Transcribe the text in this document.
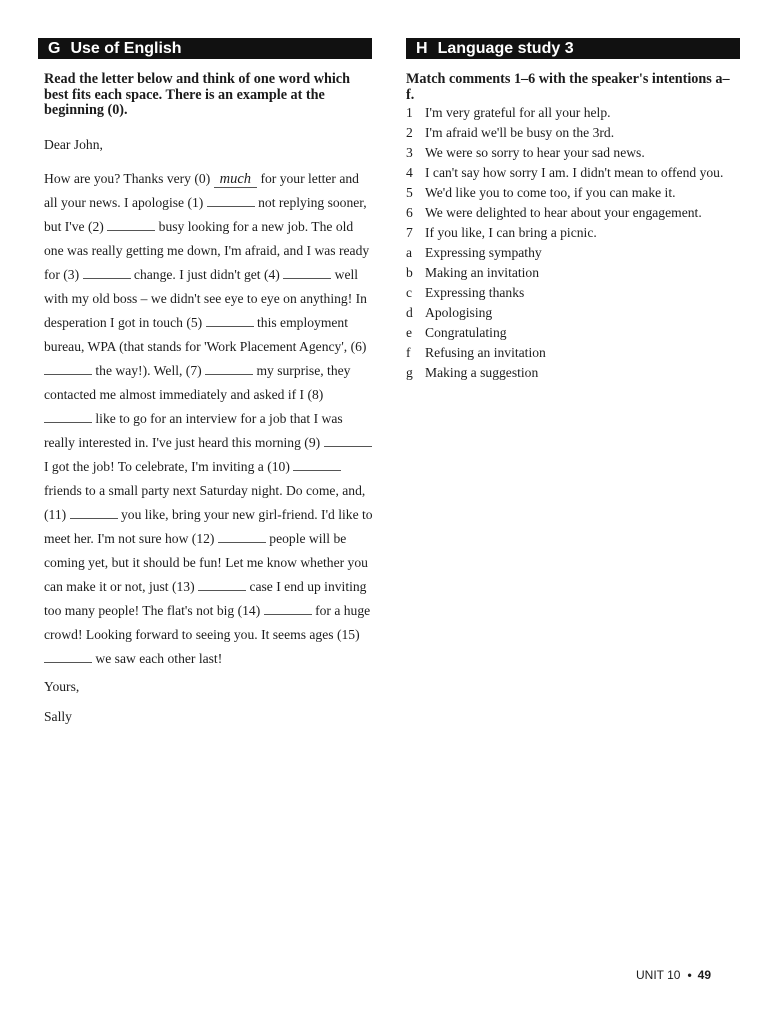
G Use of English
Read the letter below and think of one word which best fits each space. There is an example at the beginning (0).
Dear John,

How are you? Thanks very (0) much for your letter and all your news. I apologise (1)	not replying sooner, but I've (2)	busy looking for a new job. The old one was really getting me down, I'm afraid, and I was ready for (3)	change. I just didn't get (4)	well with my old boss – we didn't see eye to eye on anything! In desperation I got in touch (5)	this employment bureau, WPA (that stands for 'Work Placement Agency', (6)  the way!). Well, (7)	my surprise, they contacted me almost immediately and asked if I (8)  like to go for an interview for a job that I was really interested in. I've just heard this morning (9)  I got the job! To celebrate, I'm inviting a (10)  friends to a small party next Saturday night. Do come, and, (11)	you like, bring your new girl-friend. I'd like to meet her. I'm not sure how (12)	people will be coming yet, but it should be fun! Let me know whether you can make it or not, just (13)	case I end up inviting too many people! The flat's not big (14)	for a huge crowd! Looking forward to seeing you. It seems ages (15)  we saw each other last!

Yours,
Sally
H Language study 3
Match comments 1–6 with the speaker's intentions a–f.
1 I'm very grateful for all your help.
2 I'm afraid we'll be busy on the 3rd.
3 We were so sorry to hear your sad news.
4 I can't say how sorry I am. I didn't mean to offend you.
5 We'd like you to come too, if you can make it.
6 We were delighted to hear about your engagement.
7 If you like, I can bring a picnic.
a Expressing sympathy
b Making an invitation
c Expressing thanks
d Apologising
e Congratulating
f	Refusing an invitation
g Making a suggestion
UNIT 10 • 49
